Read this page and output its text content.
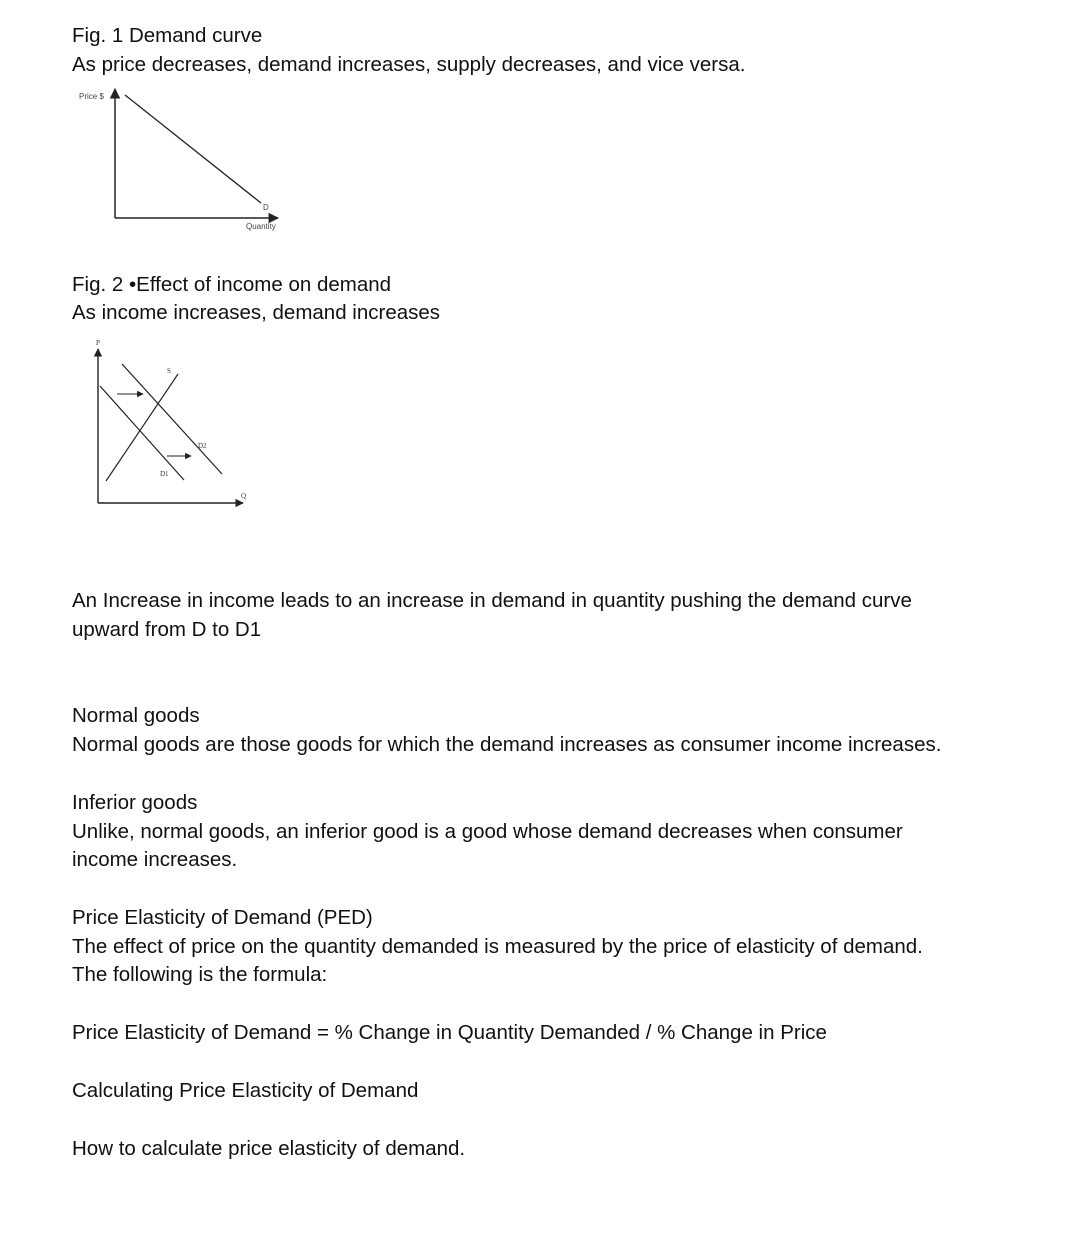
Fig. 1 Demand curve
As price decreases, demand increases, supply decreases, and vice versa.
Price $
D
Quantity
Fig. 2 •Effect of income on demand
As income increases, demand increases
P
Q
S
D1
D2
An Increase in income leads to an increase in demand in quantity pushing the demand curve
upward from D to D1
Normal goods
Normal goods are those goods for which the demand increases as consumer income increases.
Inferior goods
Unlike, normal goods, an inferior good is a good whose demand decreases when consumer
income increases.
Price Elasticity of Demand (PED)
The effect of price on the quantity demanded is measured by the price of elasticity of demand.
The following is the formula:
Price Elasticity of Demand = % Change in Quantity Demanded / % Change in Price
Calculating Price Elasticity of Demand
How to calculate price elasticity of demand.
